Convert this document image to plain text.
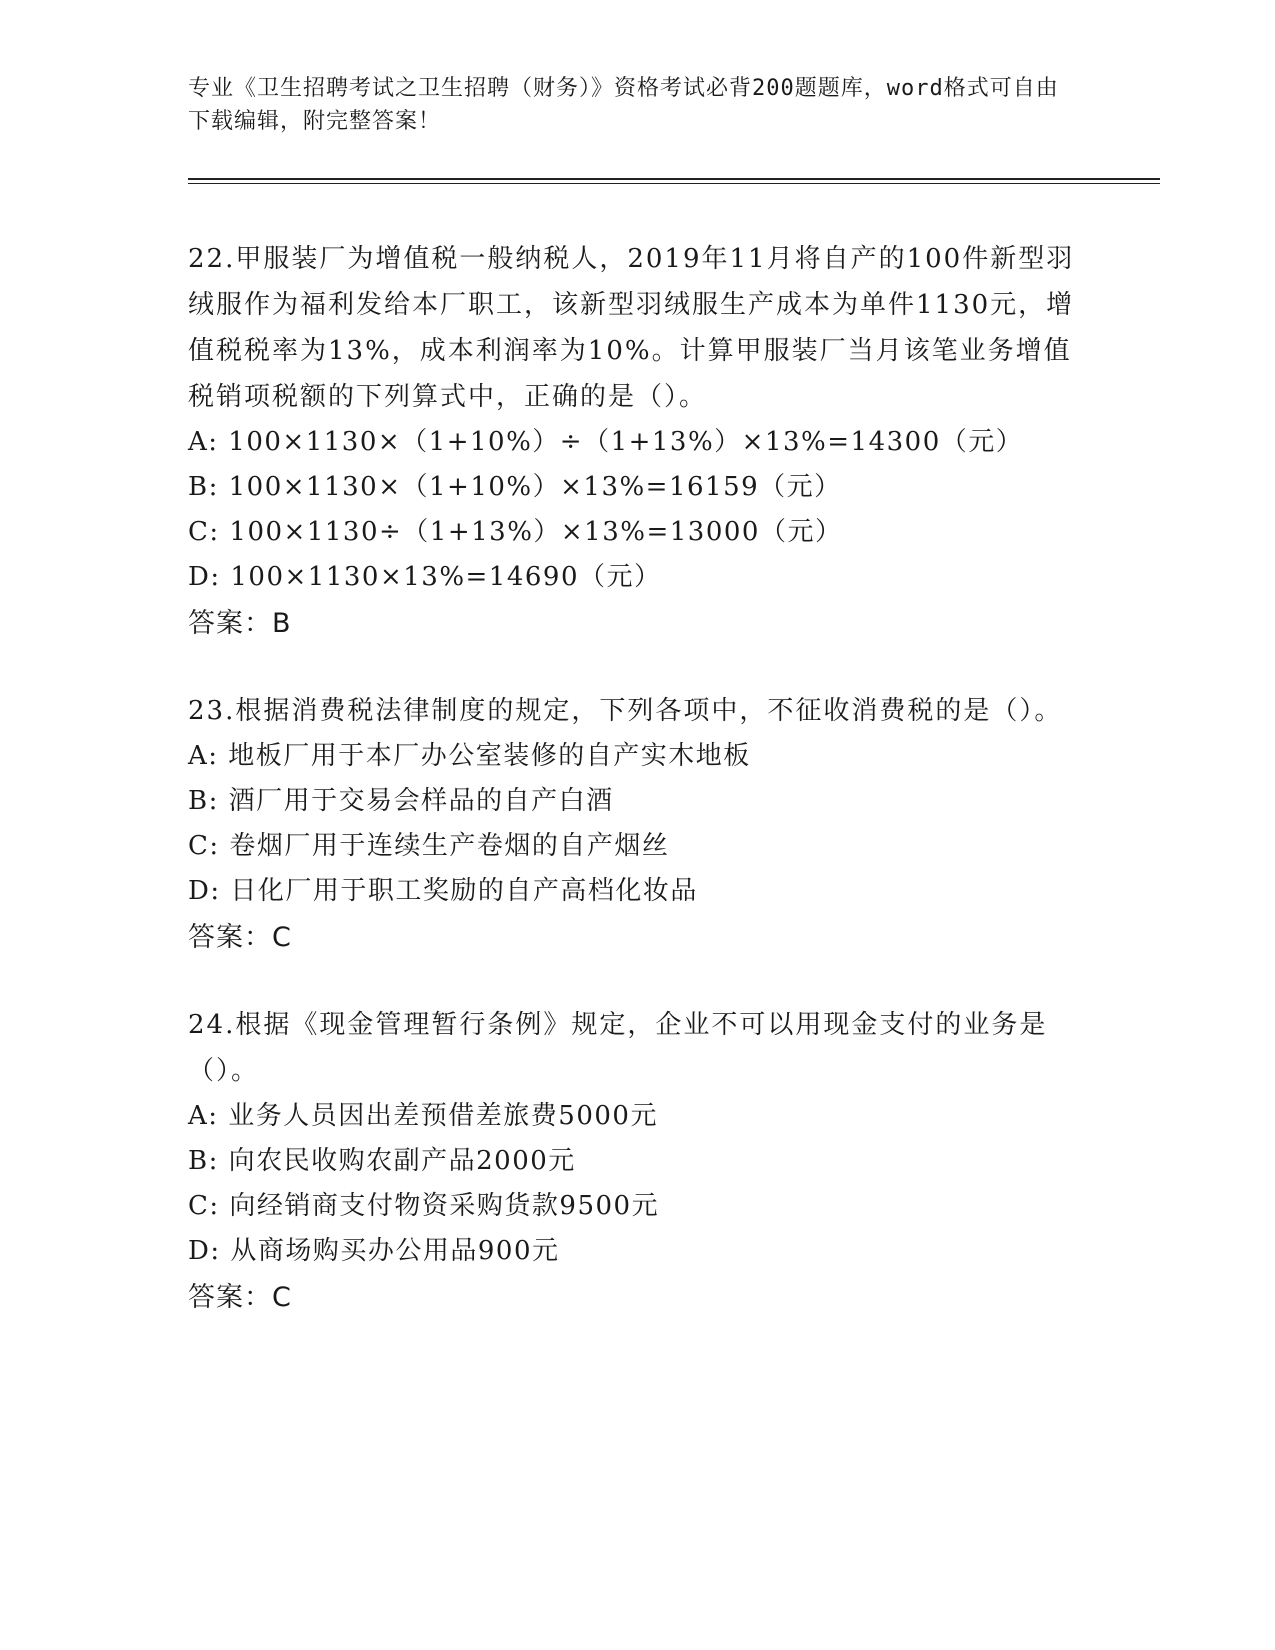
专业《卫生招聘考试之卫生招聘（财务）》资格考试必背200题题库，word格式可自由下载编辑，附完整答案！

22.甲服装厂为增值税一般纳税人，2019年11月将自产的100件新型羽绒服作为福利发给本厂职工，该新型羽绒服生产成本为单件1130元，增值税税率为13%，成本利润率为10%。计算甲服装厂当月该笔业务增值税销项税额的下列算式中，正确的是（）。

A: 100×1130×（1+10%）÷（1+13%）×13%=14300（元）

B: 100×1130×（1+10%）×13%=16159（元）

C: 100×1130÷（1+13%）×13%=13000（元）

D: 100×1130×13%=14690（元）

答案：B

23.根据消费税法律制度的规定，下列各项中，不征收消费税的是（）。

A: 地板厂用于本厂办公室装修的自产实木地板

B: 酒厂用于交易会样品的自产白酒

C: 卷烟厂用于连续生产卷烟的自产烟丝

D: 日化厂用于职工奖励的自产高档化妆品

答案：C

24.根据《现金管理暂行条例》规定，企业不可以用现金支付的业务是（）。

A: 业务人员因出差预借差旅费5000元

B: 向农民收购农副产品2000元

C: 向经销商支付物资采购货款9500元

D: 从商场购买办公用品900元

答案：C
